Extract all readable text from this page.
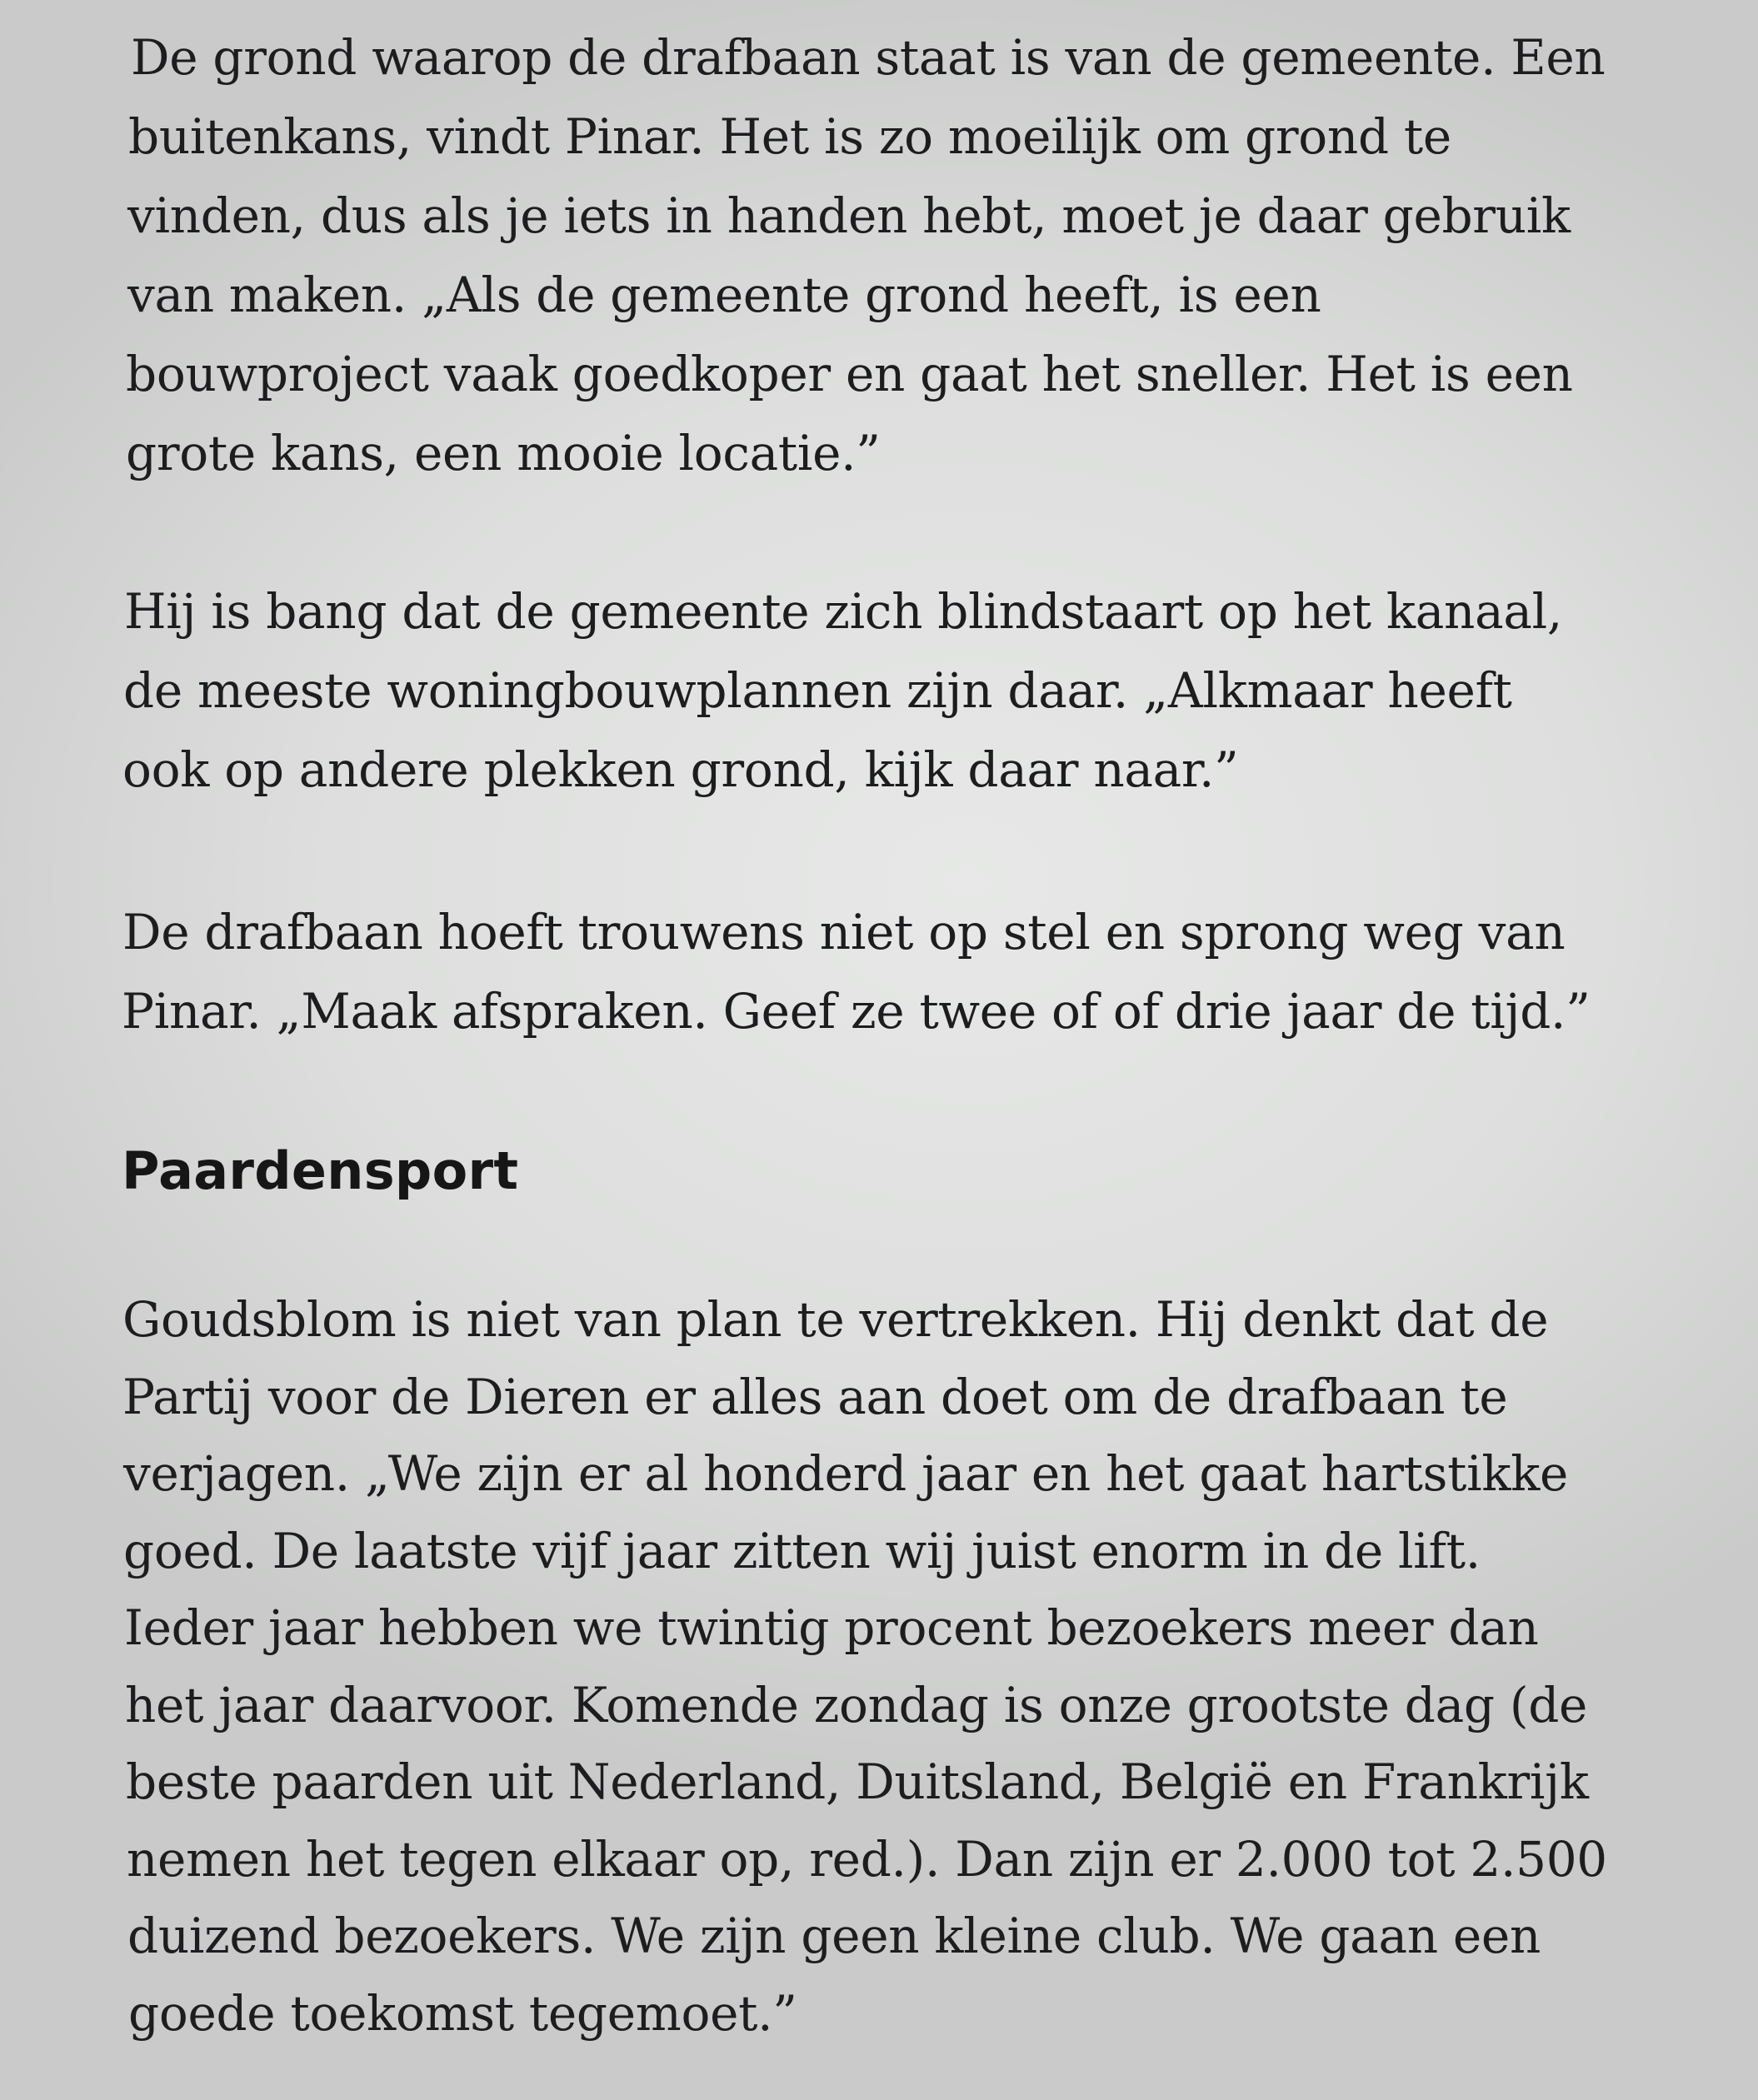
De grond waarop de drafbaan staat is van de gemeente. Een

buitenkans, vindt Pinar. Het is zo moeilijk om grond te

vinden, dus als je iets in handen hebt, moet je daar gebruik

van maken. „Als de gemeente grond heeft, is een

bouwproject vaak goedkoper en gaat het sneller. Het is een

grote kans, een mooie locatie.”

Hij is bang dat de gemeente zich blindstaart op het kanaal,

de meeste woningbouwplannen zijn daar. „Alkmaar heeft

ook op andere plekken grond, kijk daar naar.”

De drafbaan hoeft trouwens niet op stel en sprong weg van

Pinar. „Maak afspraken. Geef ze twee of of drie jaar de tijd.”

Paardensport

Goudsblom is niet van plan te vertrekken. Hij denkt dat de

Partij voor de Dieren er alles aan doet om de drafbaan te

verjagen. „We zijn er al honderd jaar en het gaat hartstikke

goed. De laatste vijf jaar zitten wij juist enorm in de lift.

Ieder jaar hebben we twintig procent bezoekers meer dan

het jaar daarvoor. Komende zondag is onze grootste dag (de

beste paarden uit Nederland, Duitsland, België en Frankrijk

nemen het tegen elkaar op, red.). Dan zijn er 2.000 tot 2.500

duizend bezoekers. We zijn geen kleine club. We gaan een

goede toekomst tegemoet.”
